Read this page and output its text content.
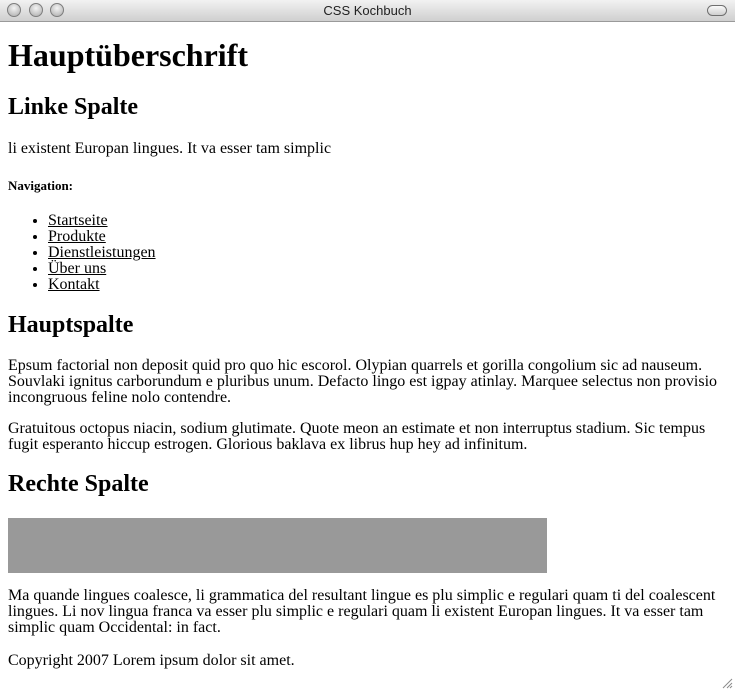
CSS Kochbuch
Hauptüberschrift
Linke Spalte

li existent Europan lingues. It va esser tam simplic

Navigation:
• Startseite
• Produkte
• Dienstleistungen
• Über uns
• Kontakt
Hauptspalte

Epsum factorial non deposit quid pro quo hic escorol. Olypian quarrels et gorilla congolium sic ad nauseum. Souvlaki ignitus carborundum e pluribus unum. Defacto lingo est igpay atinlay. Marquee selectus non provisio incongruous feline nolo contendre.

Gratuitous octopus niacin, sodium glutimate. Quote meon an estimate et non interruptus stadium. Sic tempus fugit esperanto hiccup estrogen. Glorious baklava ex librus hup hey ad infinitum.

Rechte Spalte

Ma quande lingues coalesce, li grammatica del resultant lingue es plu simplic e regulari quam ti del coalescent lingues. Li nov lingua franca va esser plu simplic e regulari quam li existent Europan lingues. It va esser tam simplic quam Occidental: in fact.

Copyright 2007 Lorem ipsum dolor sit amet.
